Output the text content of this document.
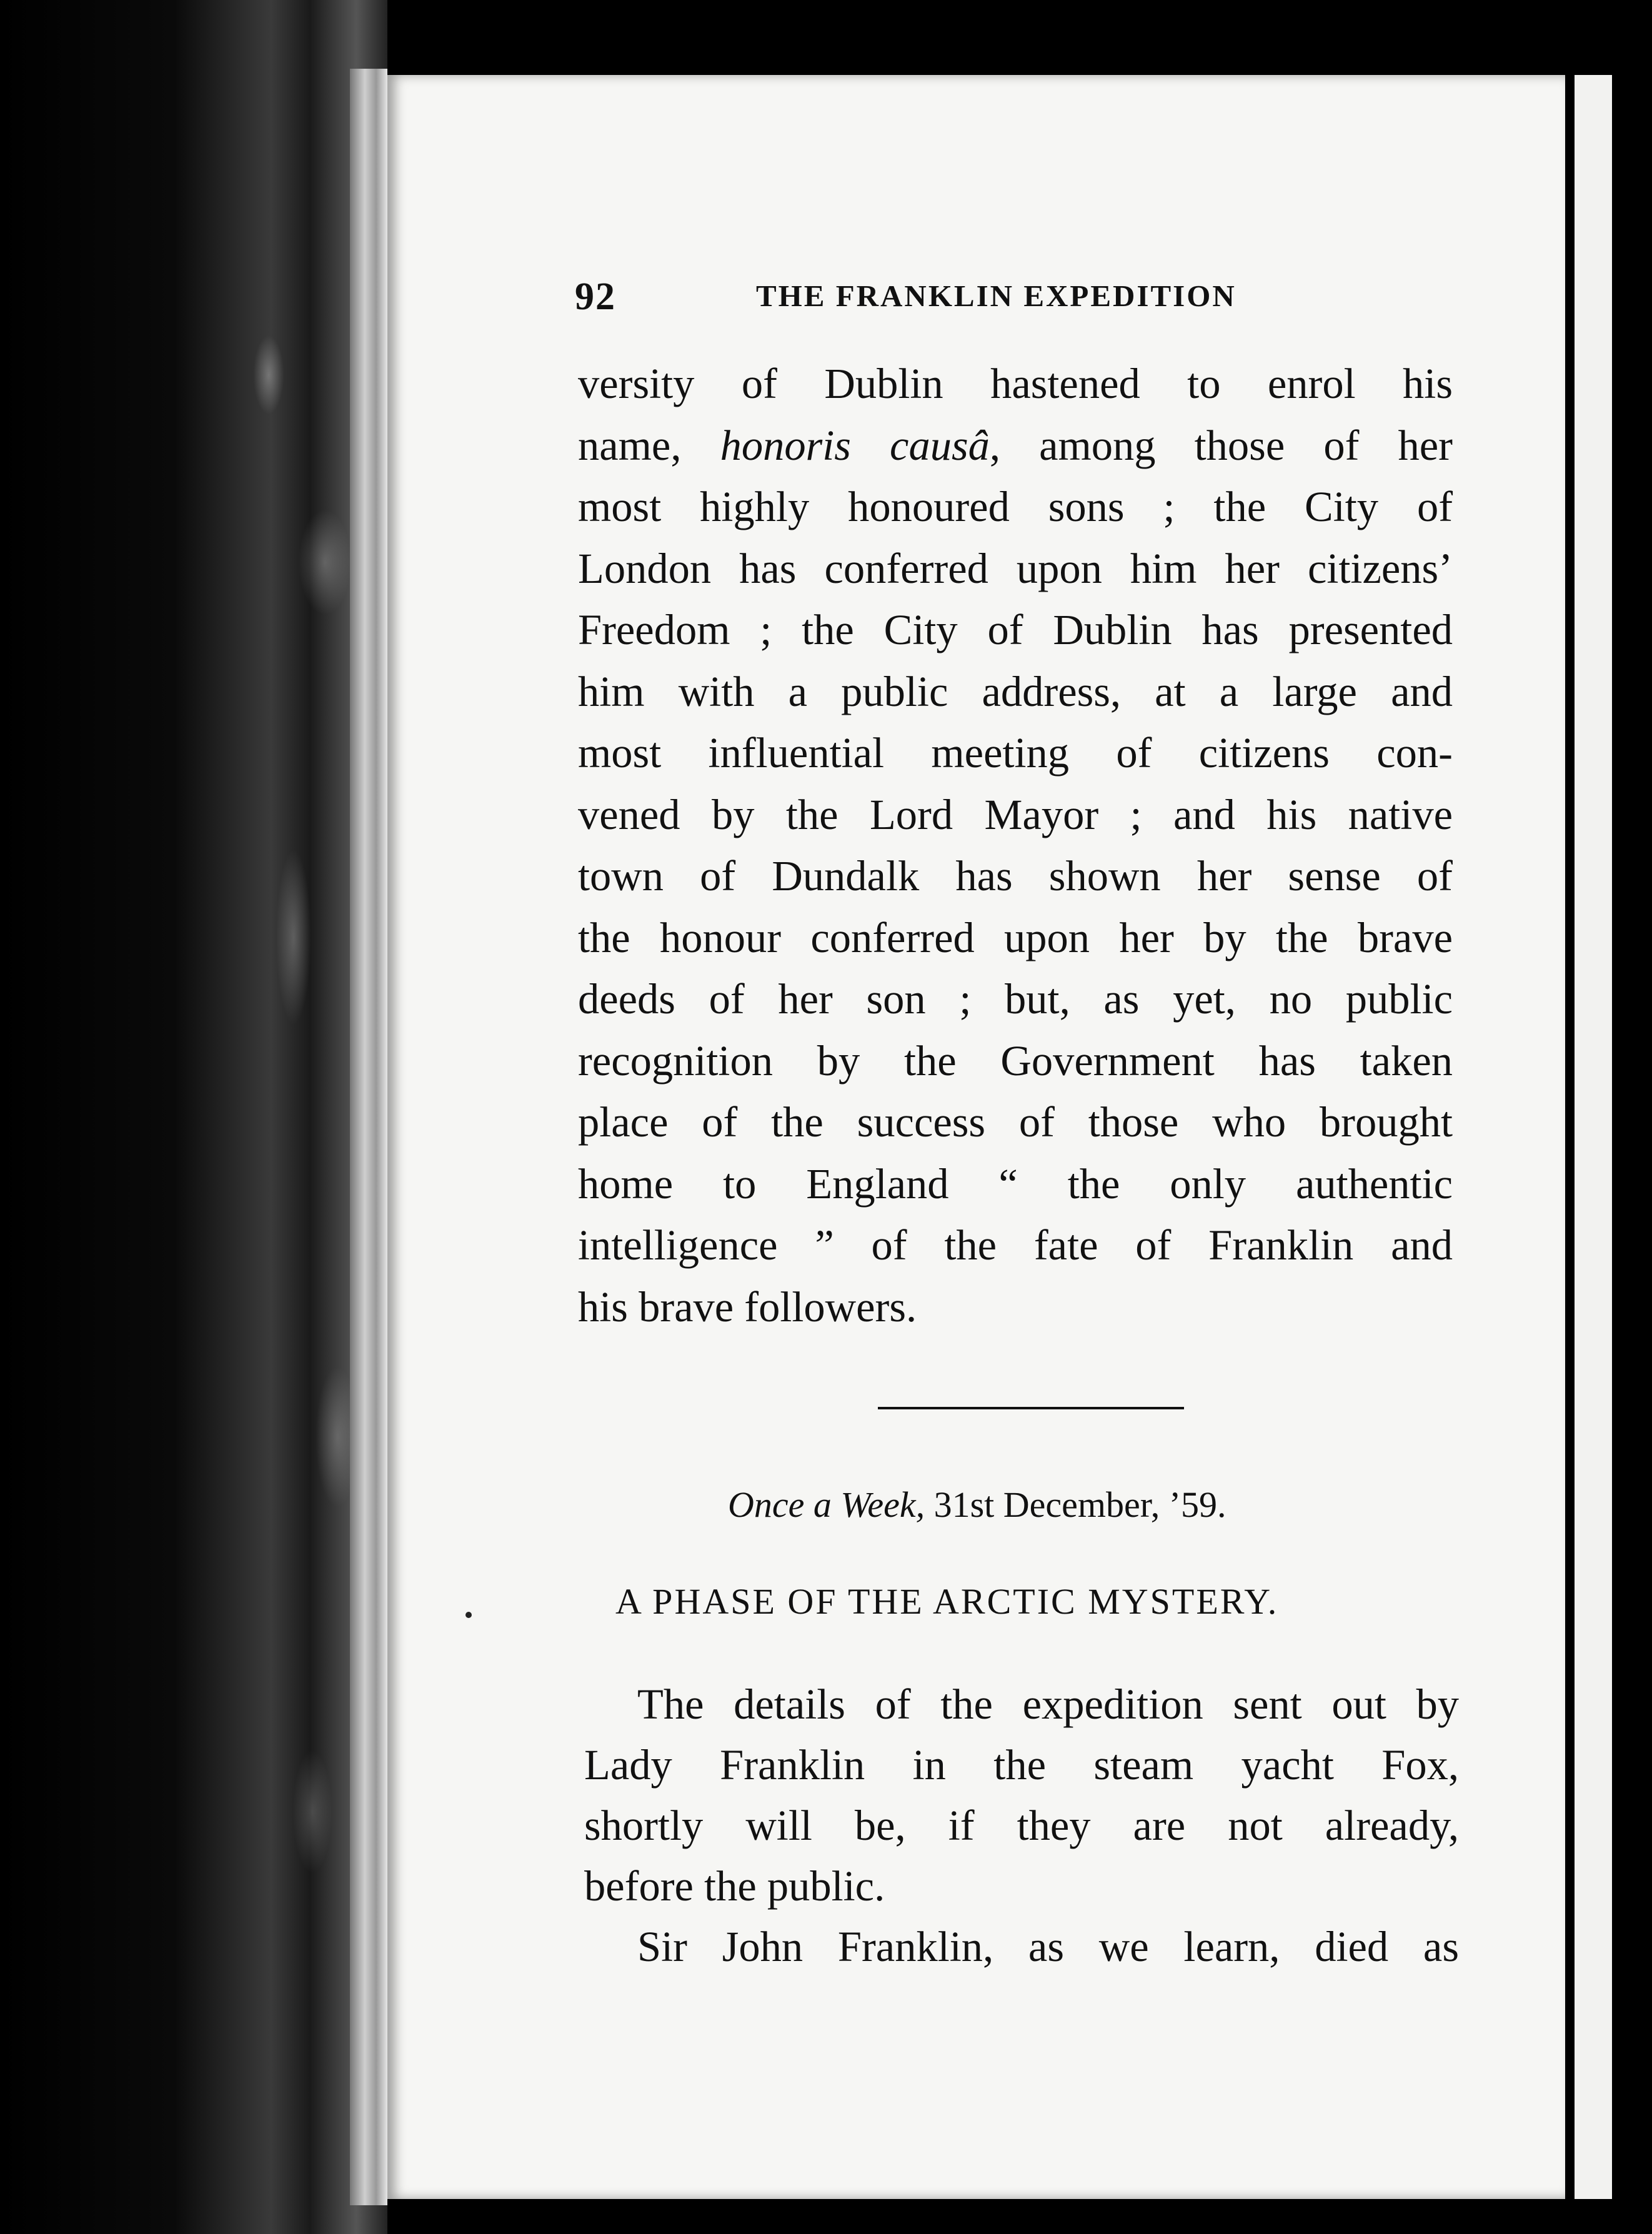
92	THE FRANKLIN EXPEDITION
versity of Dublin hastened to enrol his
name, honoris causâ, among those of her
most highly honoured sons ; the City of
London has conferred upon him her citizens’
Freedom ; the City of Dublin has presented
him with a public address, at a large and
most influential meeting of citizens con-
vened by the Lord Mayor ; and his native
town of Dundalk has shown her sense of
the honour conferred upon her by the brave
deeds of her son ; but, as yet, no public
recognition by the Government has taken
place of the success of those who brought
home to England “ the only authentic
intelligence ” of the fate of Franklin and
his brave followers.
Once a Week, 31st December, ’59.
A PHASE OF THE ARCTIC MYSTERY.
The details of the expedition sent out by
Lady Franklin in the steam yacht Fox,
shortly will be, if they are not already,
before the public.
Sir John Franklin, as we learn, died as
